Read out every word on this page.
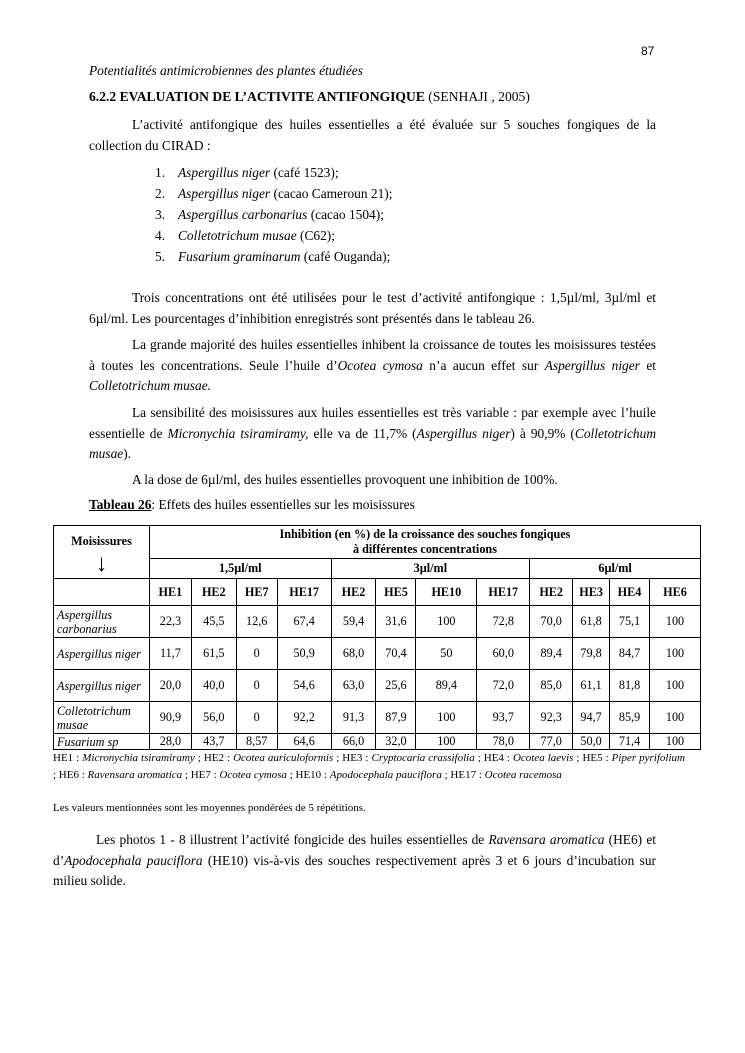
87
Potentialités antimicrobiennes des plantes étudiées
6.2.2 EVALUATION DE L’ACTIVITE ANTIFONGIQUE (SENHAJI , 2005)
L’activité antifongique des huiles essentielles a été évaluée sur 5 souches fongiques de la collection du CIRAD :
1. Aspergillus niger (café 1523);
2. Aspergillus niger (cacao Cameroun 21);
3. Aspergillus carbonarius (cacao 1504);
4. Colletotrichum musae (C62);
5. Fusarium graminarum (café Ouganda);
Trois concentrations ont été utilisées pour le test d’activité antifongique : 1,5µl/ml, 3µl/ml et 6µl/ml. Les pourcentages d’inhibition enregistrés sont présentés dans le tableau 26.
La grande majorité des huiles essentielles inhibent la croissance de toutes les moisissures testées à toutes les concentrations. Seule l’huile d’Ocotea cymosa n’a aucun effet sur Aspergillus niger et Colletotrichum musae.
La sensibilité des moisissures aux huiles essentielles est très variable : par exemple avec l’huile essentielle de Micronychia tsiramiramy, elle va de 11,7% (Aspergillus niger) à 90,9% (Colletotrichum musae).
A la dose de 6µl/ml, des huiles essentielles provoquent une inhibition de 100%.
Tableau 26: Effets des huiles essentielles sur les moisissures
Moisissures
↓	Inhibition (en %) de la croissance des souches fongiques
à différentes concentrations											
	1,5µl/ml				3µl/ml				6µl/ml			
	HE1	HE2	HE7	HE17	HE2	HE5	HE10	HE17	HE2	HE3	HE4	HE6
Aspergillus carbonarius	22,3	45,5	12,6	67,4	59,4	31,6	100	72,8	70,0	61,8	75,1	100
Aspergillus niger	11,7	61,5	0	50,9	68,0	70,4	50	60,0	89,4	79,8	84,7	100
Aspergillus niger	20,0	40,0	0	54,6	63,0	25,6	89,4	72,0	85,0	61,1	81,8	100
Colletotrichum musae	90,9	56,0	0	92,2	91,3	87,9	100	93,7	92,3	94,7	85,9	100
Fusarium sp	28,0	43,7	8,57	64,6	66,0	32,0	100	78,0	77,0	50,0	71,4	100
HE1 : Micronychia tsiramiramy ; HE2 : Ocotea auriculoformis ; HE3 : Cryptocaria crassifolia ; HE4 : Ocotea laevis ; HE5 : Piper pyrifolium ; HE6 : Ravensara aromatica ; HE7 : Ocotea cymosa ; HE10 : Apodocephala pauciflora ; HE17 : Ocotea racemosa
Les valeurs mentionnées sont les moyennes pondérées de 5 répétitions.
Les photos 1 - 8 illustrent l’activité fongicide des huiles essentielles de Ravensara aromatica (HE6) et d’Apodocephala pauciflora (HE10) vis-à-vis des souches respectivement après 3 et 6 jours d’incubation sur milieu solide.
